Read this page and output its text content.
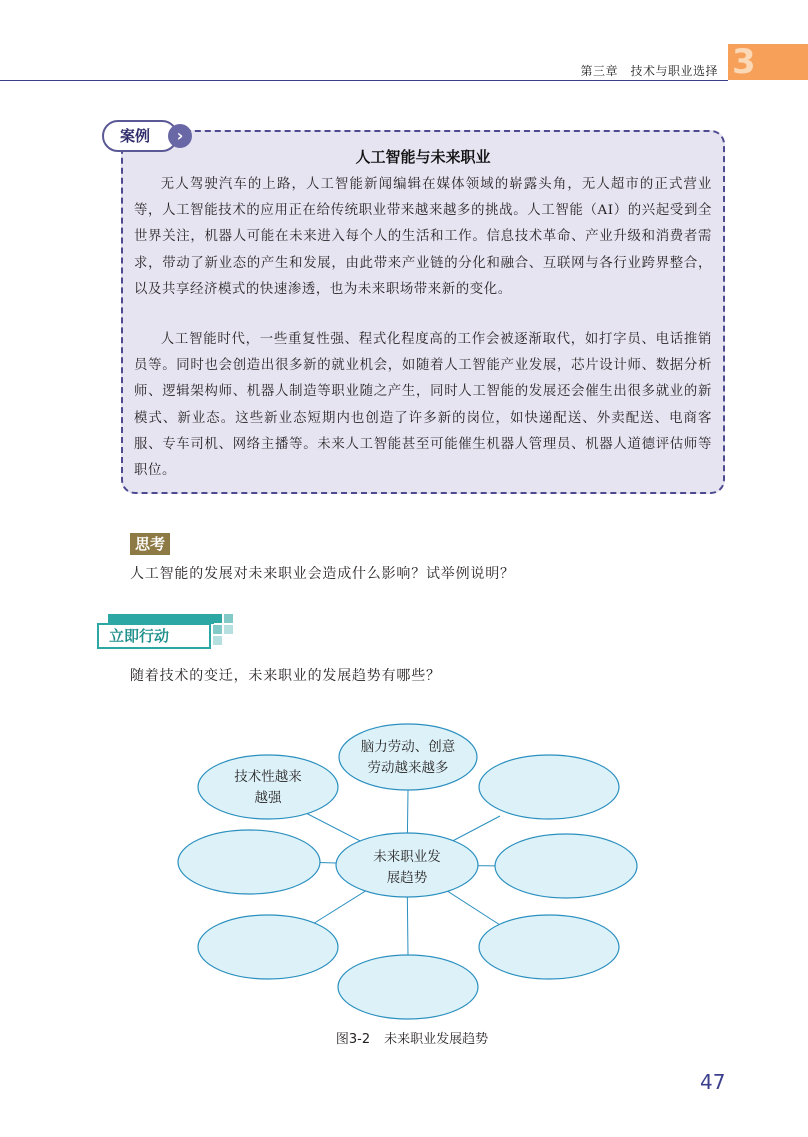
第三章　技术与职业选择 3
案例	›
人工智能与未来职业

无人驾驶汽车的上路，人工智能新闻编辑在媒体领域的崭露头角，无人超市的正式营业等，人工智能技术的应用正在给传统职业带来越来越多的挑战。人工智能（AI）的兴起受到全世界关注，机器人可能在未来进入每个人的生活和工作。信息技术革命、产业升级和消费者需求，带动了新业态的产生和发展，由此带来产业链的分化和融合、互联网与各行业跨界整合，以及共享经济模式的快速渗透，也为未来职场带来新的变化。

人工智能时代，一些重复性强、程式化程度高的工作会被逐渐取代，如打字员、电话推销员等。同时也会创造出很多新的就业机会，如随着人工智能产业发展，芯片设计师、数据分析师、逻辑架构师、机器人制造等职业随之产生，同时人工智能的发展还会催生出很多就业的新模式、新业态。这些新业态短期内也创造了许多新的岗位，如快递配送、外卖配送、电商客服、专车司机、网络主播等。未来人工智能甚至可能催生机器人管理员、机器人道德评估师等职位。

思考
人工智能的发展对未来职业会造成什么影响？试举例说明？
立即行动
随着技术的变迁，未来职业的发展趋势有哪些？
脑力劳动、创意
劳动越来越多
技术性越来
越强
未来职业发
展趋势
图3-2 未来职业发展趋势
47
